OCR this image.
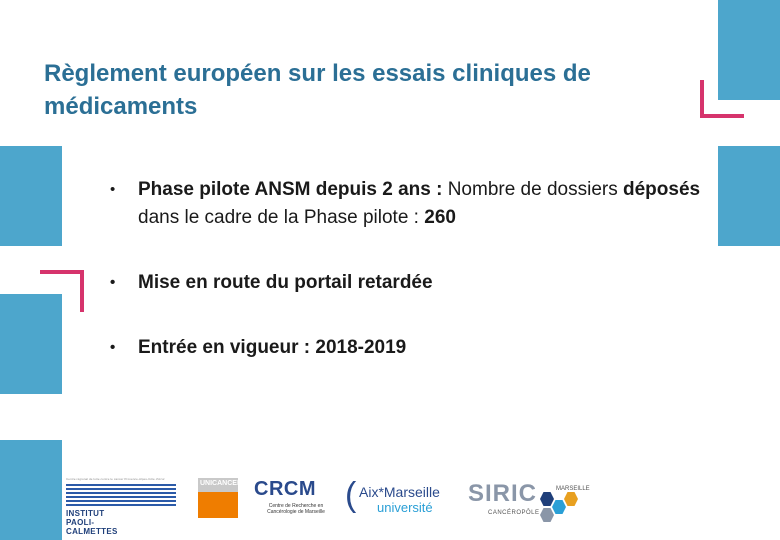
Règlement européen sur les essais cliniques de médicaments
• Phase pilote ANSM depuis 2 ans : Nombre de dossiers déposés dans le cadre de la Phase pilote : 260
• Mise en route du portail retardée
• Entrée en vigueur : 2018-2019
Centre régional de lutte contre le cancer Provence-Alpes-Côte d'Azur
INSTITUT PAOLI-CALMETTES
UNICANCER CRCM
Centre de Recherche en Cancérologie de Marseille ( Aix*Marseille
université
SIRIC	MARSEILLE
CANCÉROPÔLE
